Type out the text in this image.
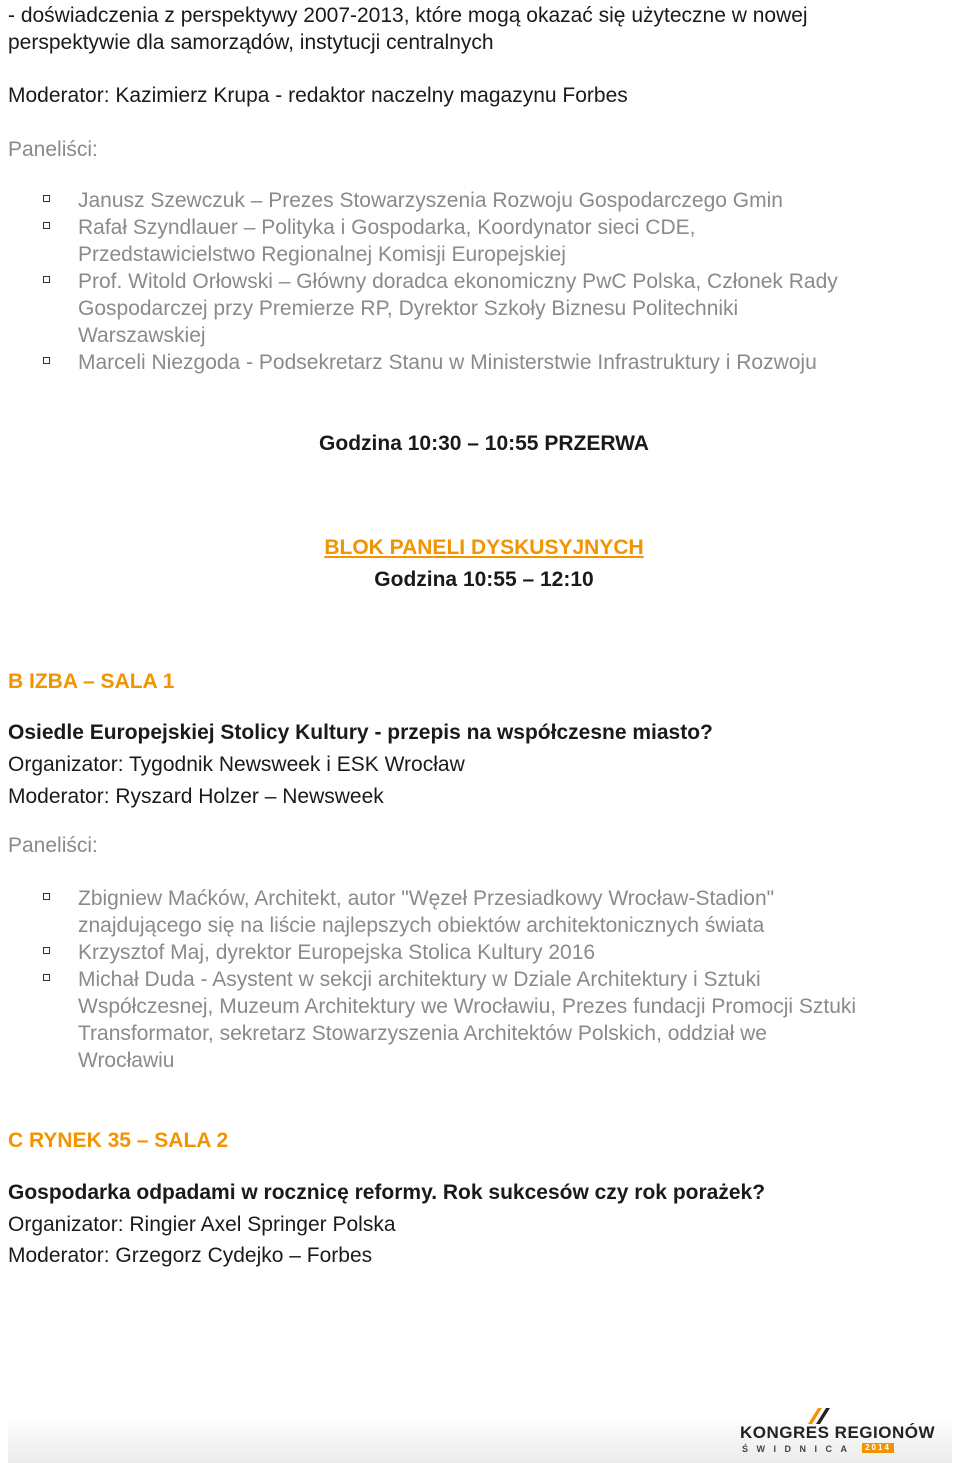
- doświadczenia z perspektywy 2007-2013, które mogą okazać się użyteczne w nowej
perspektywie dla samorządów, instytucji centralnych
Moderator: Kazimierz Krupa - redaktor naczelny magazynu Forbes
Paneliści:
Janusz Szewczuk – Prezes Stowarzyszenia Rozwoju Gospodarczego Gmin
Rafał Szyndlauer – Polityka i Gospodarka, Koordynator sieci CDE,
Przedstawicielstwo Regionalnej Komisji Europejskiej
Prof. Witold Orłowski – Główny doradca ekonomiczny PwC Polska, Członek Rady
Gospodarczej przy Premierze RP, Dyrektor Szkoły Biznesu Politechniki
Warszawskiej
Marceli Niezgoda - Podsekretarz Stanu w Ministerstwie Infrastruktury i Rozwoju
Godzina 10:30 – 10:55 PRZERWA
BLOK PANELI DYSKUSYJNYCH
Godzina 10:55 – 12:10
B IZBA – SALA 1
Osiedle Europejskiej Stolicy Kultury - przepis na współczesne miasto?
Organizator: Tygodnik Newsweek i ESK Wrocław
Moderator: Ryszard Holzer – Newsweek
Paneliści:
Zbigniew Maćków, Architekt, autor "Węzeł Przesiadkowy Wrocław-Stadion"
znajdującego się na liście najlepszych obiektów architektonicznych świata
Krzysztof Maj, dyrektor Europejska Stolica Kultury 2016
Michał Duda - Asystent w sekcji architektury w Dziale Architektury i Sztuki
Współczesnej, Muzeum Architektury we Wrocławiu, Prezes fundacji Promocji Sztuki
Transformator, sekretarz Stowarzyszenia Architektów Polskich, oddział we
Wrocławiu
C RYNEK 35 – SALA 2
Gospodarka odpadami w rocznicę reformy. Rok sukcesów czy rok porażek?
Organizator: Ringier Axel Springer Polska
Moderator: Grzegorz Cydejko – Forbes
KONGRES REGIONÓW
ŚWIDNICA	2014
